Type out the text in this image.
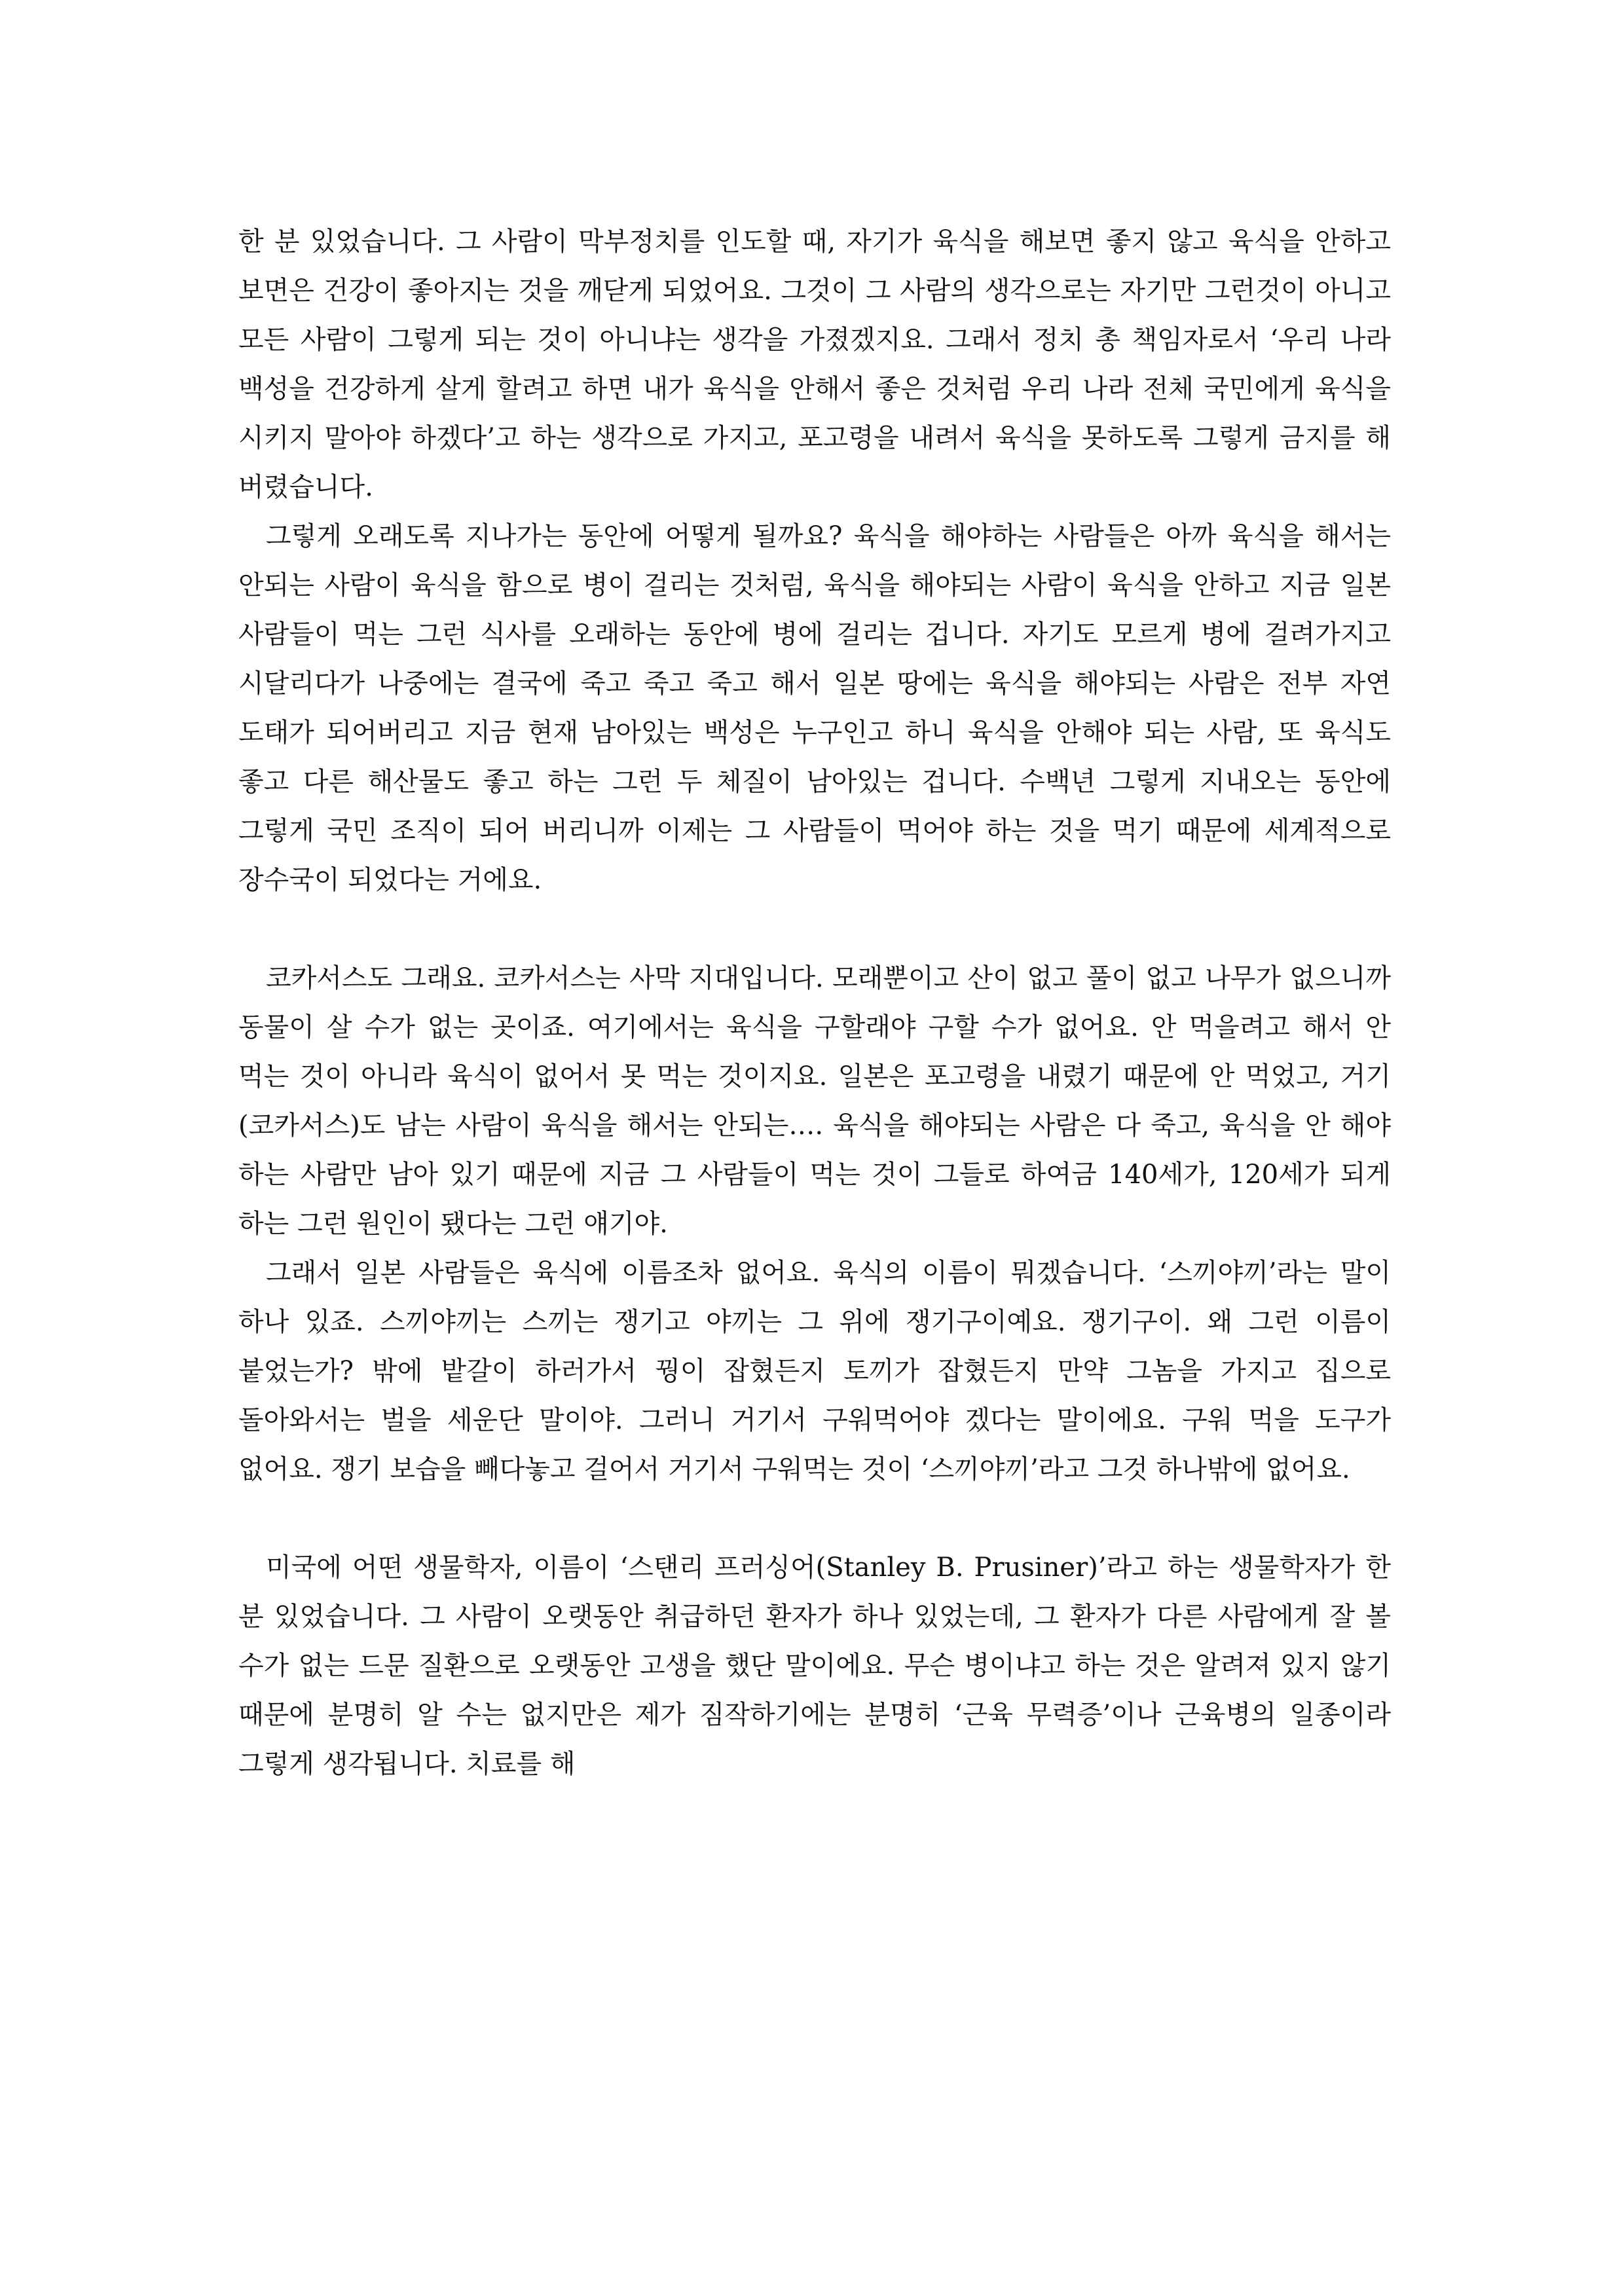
한 분 있었습니다. 그 사람이 막부정치를 인도할 때, 자기가 육식을 해보면 좋지 않고 육식을 안하고 보면은 건강이 좋아지는 것을 깨닫게 되었어요. 그것이 그 사람의 생각으로는 자기만 그런것이 아니고 모든 사람이 그렇게 되는 것이 아니냐는 생각을 가졌겠지요. 그래서 정치 총 책임자로서 ‘우리 나라 백성을 건강하게 살게 할려고 하면 내가 육식을 안해서 좋은 것처럼 우리 나라 전체 국민에게 육식을 시키지 말아야 하겠다’고 하는 생각으로 가지고, 포고령을 내려서 육식을 못하도록 그렇게 금지를 해 버렸습니다.

그렇게 오래도록 지나가는 동안에 어떻게 될까요? 육식을 해야하는 사람들은 아까 육식을 해서는 안되는 사람이 육식을 함으로 병이 걸리는 것처럼, 육식을 해야되는 사람이 육식을 안하고 지금 일본 사람들이 먹는 그런 식사를 오래하는 동안에 병에 걸리는 겁니다. 자기도 모르게 병에 걸려가지고 시달리다가 나중에는 결국에 죽고 죽고 죽고 해서 일본 땅에는 육식을 해야되는 사람은 전부 자연 도태가 되어버리고 지금 현재 남아있는 백성은 누구인고 하니 육식을 안해야 되는 사람, 또 육식도 좋고 다른 해산물도 좋고 하는 그런 두 체질이 남아있는 겁니다. 수백년 그렇게 지내오는 동안에 그렇게 국민 조직이 되어 버리니까 이제는 그 사람들이 먹어야 하는 것을 먹기 때문에 세계적으로 장수국이 되었다는 거에요.

코카서스도 그래요. 코카서스는 사막 지대입니다. 모래뿐이고 산이 없고 풀이 없고 나무가 없으니까 동물이 살 수가 없는 곳이죠. 여기에서는 육식을 구할래야 구할 수가 없어요. 안 먹을려고 해서 안 먹는 것이 아니라 육식이 없어서 못 먹는 것이지요. 일본은 포고령을 내렸기 때문에 안 먹었고, 거기(코카서스)도 남는 사람이 육식을 해서는 안되는…. 육식을 해야되는 사람은 다 죽고, 육식을 안 해야 하는 사람만 남아 있기 때문에 지금 그 사람들이 먹는 것이 그들로 하여금 140세가, 120세가 되게 하는 그런 원인이 됐다는 그런 얘기야.

그래서 일본 사람들은 육식에 이름조차 없어요. 육식의 이름이 뭐겠습니다. ‘스끼야끼’라는 말이 하나 있죠. 스끼야끼는 스끼는 쟁기고 야끼는 그 위에 쟁기구이예요. 쟁기구이. 왜 그런 이름이 붙었는가? 밖에 밭갈이 하러가서 꿩이 잡혔든지 토끼가 잡혔든지 만약 그놈을 가지고 집으로 돌아와서는 벌을 세운단 말이야. 그러니 거기서 구워먹어야 겠다는 말이에요. 구워 먹을 도구가 없어요. 쟁기 보습을 빼다놓고 걸어서 거기서 구워먹는 것이 ‘스끼야끼’라고 그것 하나밖에 없어요.

미국에 어떤 생물학자, 이름이 ‘스탠리 프러싱어(Stanley B. Prusiner)’라고 하는 생물학자가 한 분 있었습니다. 그 사람이 오랫동안 취급하던 환자가 하나 있었는데, 그 환자가 다른 사람에게 잘 볼 수가 없는 드문 질환으로 오랫동안 고생을 했단 말이에요. 무슨 병이냐고 하는 것은 알려져 있지 않기 때문에 분명히 알 수는 없지만은 제가 짐작하기에는 분명히 ‘근육 무력증’이나 근육병의 일종이라 그렇게 생각됩니다. 치료를 해
